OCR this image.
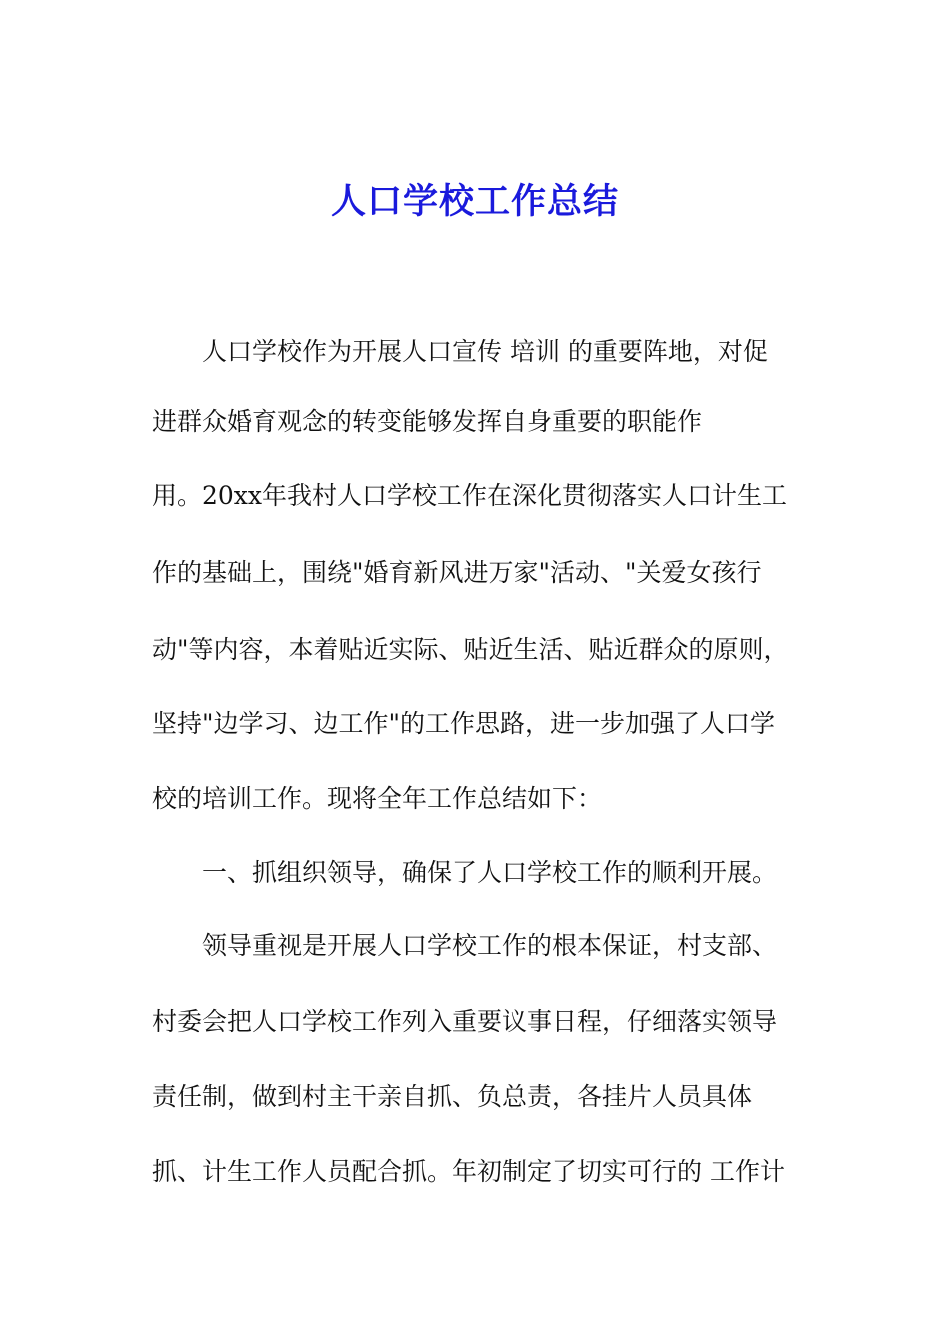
人口学校工作总结
人口学校作为开展人口宣传 培训 的重要阵地，对促
进群众婚育观念的转变能够发挥自身重要的职能作
用。20xx年我村人口学校工作在深化贯彻落实人口计生工
作的基础上，围绕"婚育新风进万家"活动、"关爱女孩行
动"等内容，本着贴近实际、贴近生活、贴近群众的原则，
坚持"边学习、边工作"的工作思路，进一步加强了人口学
校的培训工作。现将全年工作总结如下：
一、抓组织领导，确保了人口学校工作的顺利开展。
领导重视是开展人口学校工作的根本保证，村支部、
村委会把人口学校工作列入重要议事日程，仔细落实领导
责任制，做到村主干亲自抓、负总责，各挂片人员具体
抓、计生工作人员配合抓。年初制定了切实可行的 工作计
